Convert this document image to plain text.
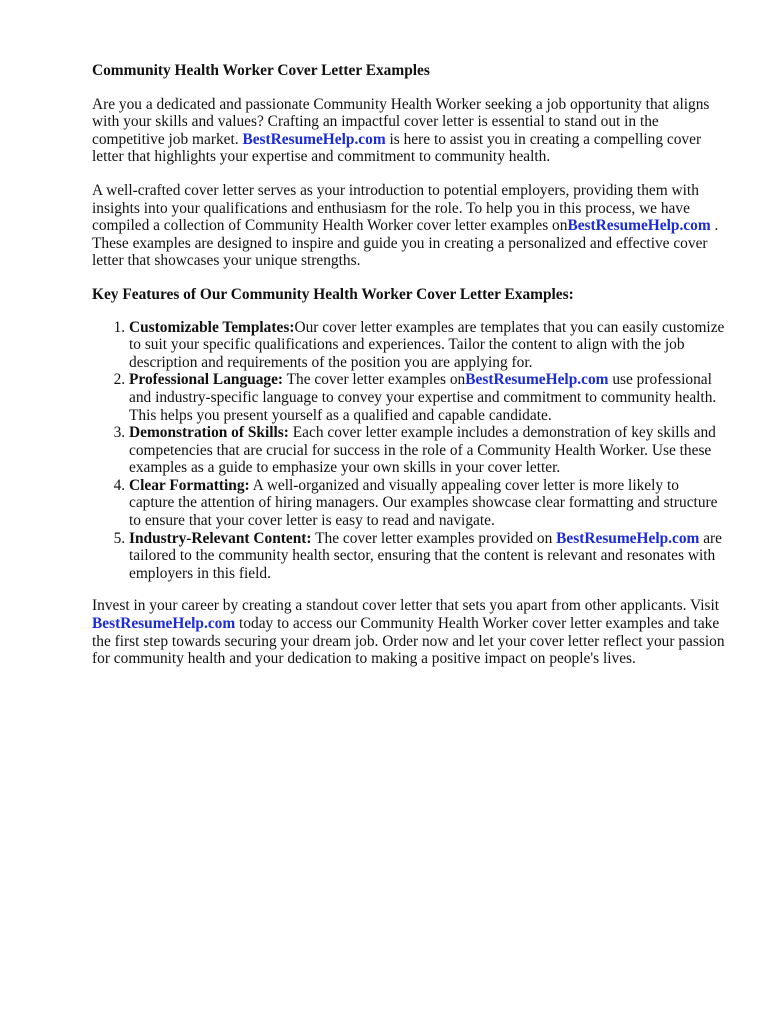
Community Health Worker Cover Letter Examples

Are you a dedicated and passionate Community Health Worker seeking a job opportunity that aligns with your skills and values? Crafting an impactful cover letter is essential to stand out in the competitive job market. BestResumeHelp.com is here to assist you in creating a compelling cover letter that highlights your expertise and commitment to community health.

A well-crafted cover letter serves as your introduction to potential employers, providing them with insights into your qualifications and enthusiasm for the role. To help you in this process, we have compiled a collection of Community Health Worker cover letter examples onBestResumeHelp.com . These examples are designed to inspire and guide you in creating a personalized and effective cover letter that showcases your unique strengths.

Key Features of Our Community Health Worker Cover Letter Examples:
1. Customizable Templates:Our cover letter examples are templates that you can easily customize to suit your specific qualifications and experiences. Tailor the content to align with the job description and requirements of the position you are applying for.
2. Professional Language: The cover letter examples onBestResumeHelp.com use professional and industry-specific language to convey your expertise and commitment to community health. This helps you present yourself as a qualified and capable candidate.
3. Demonstration of Skills: Each cover letter example includes a demonstration of key skills and competencies that are crucial for success in the role of a Community Health Worker. Use these examples as a guide to emphasize your own skills in your cover letter.
4. Clear Formatting: A well-organized and visually appealing cover letter is more likely to capture the attention of hiring managers. Our examples showcase clear formatting and structure to ensure that your cover letter is easy to read and navigate.
5. Industry-Relevant Content: The cover letter examples provided on BestResumeHelp.com are tailored to the community health sector, ensuring that the content is relevant and resonates with employers in this field.

Invest in your career by creating a standout cover letter that sets you apart from other applicants. Visit BestResumeHelp.com today to access our Community Health Worker cover letter examples and take the first step towards securing your dream job. Order now and let your cover letter reflect your passion for community health and your dedication to making a positive impact on people's lives.
